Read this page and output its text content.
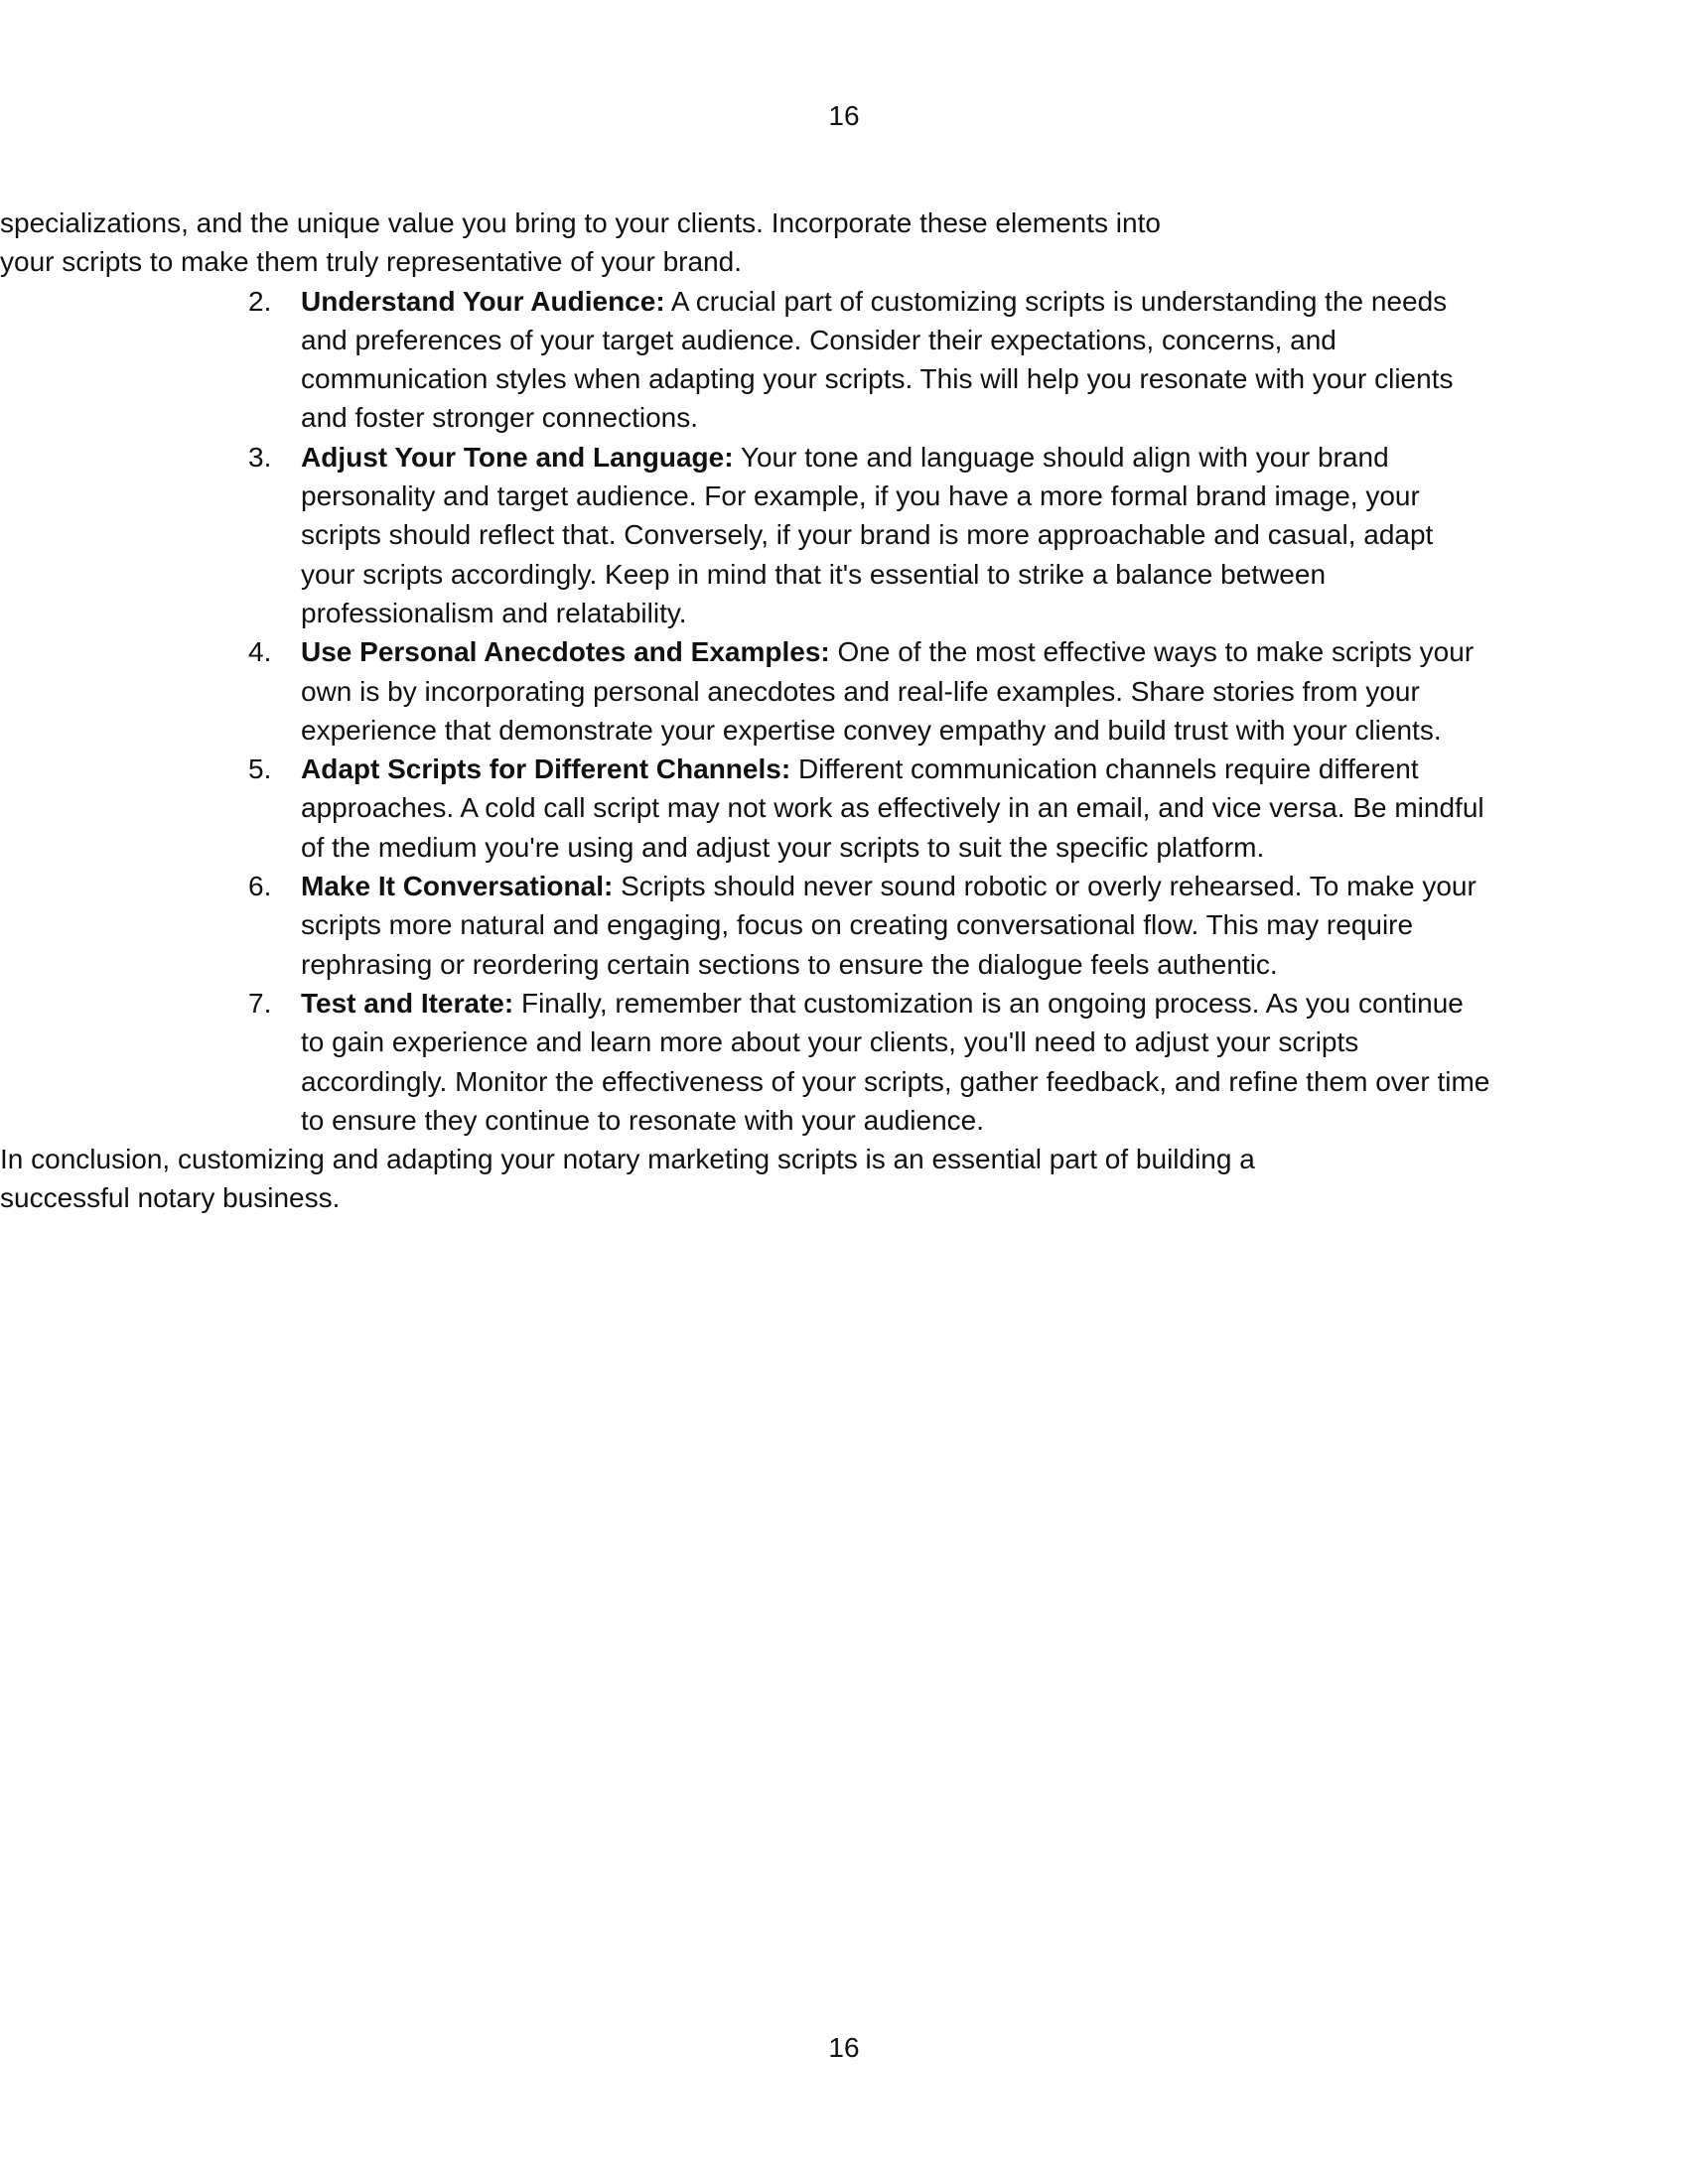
16

specializations, and the unique value you bring to your clients. Incorporate these elements into your scripts to make them truly representative of your brand.

2.	Understand Your Audience: A crucial part of customizing scripts is understanding the needs and preferences of your target audience. Consider their expectations, concerns, and communication styles when adapting your scripts. This will help you resonate with your clients and foster stronger connections.
3.	Adjust Your Tone and Language: Your tone and language should align with your brand personality and target audience. For example, if you have a more formal brand image, your scripts should reflect that. Conversely, if your brand is more approachable and casual, adapt your scripts accordingly. Keep in mind that it's essential to strike a balance between professionalism and relatability.
4.	Use Personal Anecdotes and Examples: One of the most effective ways to make scripts your own is by incorporating personal anecdotes and real-life examples. Share stories from your experience that demonstrate your expertise convey empathy and build trust with your clients.
5.	Adapt Scripts for Different Channels: Different communication channels require different approaches. A cold call script may not work as effectively in an email, and vice versa. Be mindful of the medium you're using and adjust your scripts to suit the specific platform.
6.	Make It Conversational: Scripts should never sound robotic or overly rehearsed. To make your scripts more natural and engaging, focus on creating conversational flow. This may require rephrasing or reordering certain sections to ensure the dialogue feels authentic.
7.	Test and Iterate: Finally, remember that customization is an ongoing process. As you continue to gain experience and learn more about your clients, you'll need to adjust your scripts accordingly. Monitor the effectiveness of your scripts, gather feedback, and refine them over time to ensure they continue to resonate with your audience.

In conclusion, customizing and adapting your notary marketing scripts is an essential part of building a successful notary business.

16
